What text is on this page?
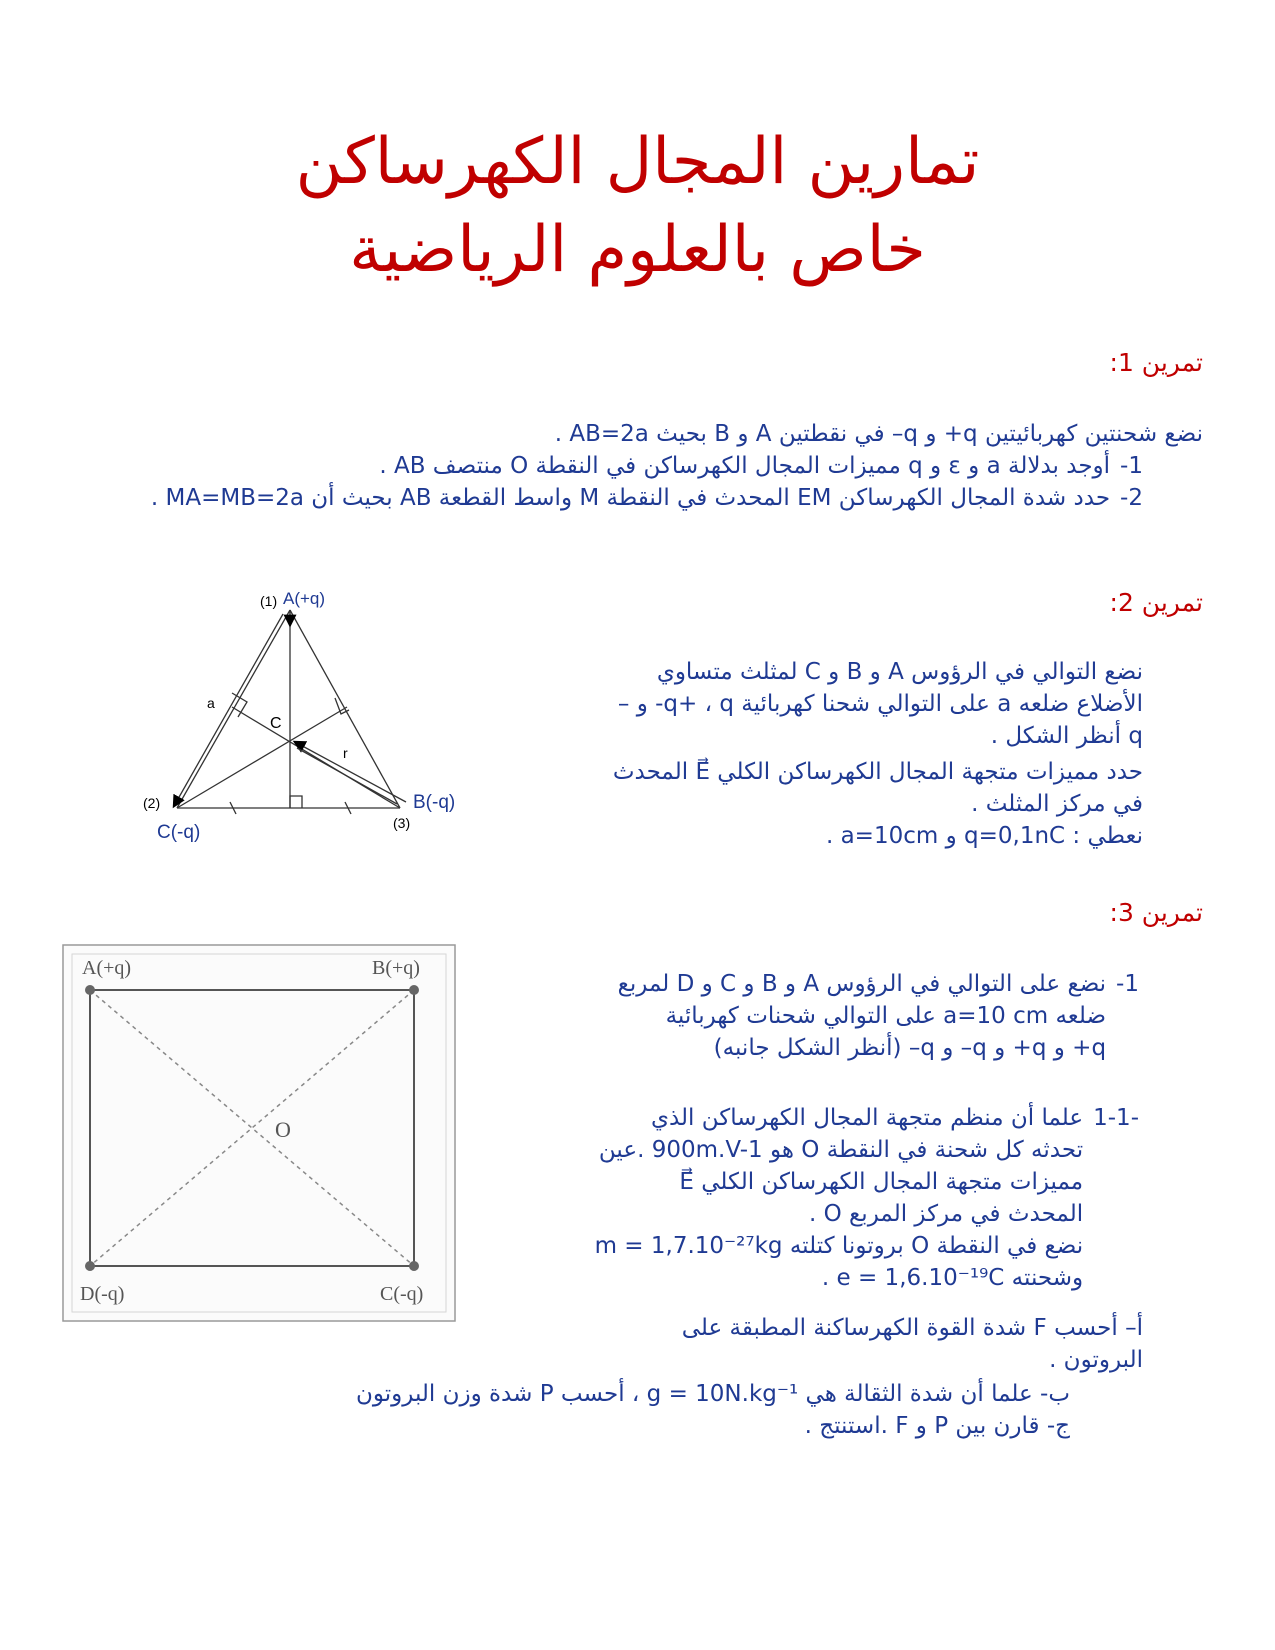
تمارين المجال الكهرساكن
خاص بالعلوم الرياضية
تمرين 1:
نضع شحنتين كهربائيتين q+ و q– في نقطتين A و B بحيث AB=2a .
1-
أوجد بدلالة a و ε و q مميزات المجال الكهرساكن في النقطة O منتصف AB .
2-
حدد شدة المجال الكهرساكن EM المحدث في النقطة M واسط القطعة AB بحيث أن MA=MB=2a .
تمرين 2:
نضع التوالي في الرؤوس A و B و C لمثلث متساوي
الأضلاع ضلعه a على التوالي شحنا كهربائية q+ ، q- و –
q أنظر الشكل .
حدد مميزات متجهة المجال الكهرساكن الكلي E⃗ المحدث
في مركز المثلث .
نعطي : q=0,1nC و a=10cm .
(1) A(+q)
(2)
C(-q)
B(-q)
(3)
a
C
r
تمرين 3:
A(+q)	B(+q)
C(-q)
D(-q)
O
1-
نضع على التوالي في الرؤوس A و B و C و D لمربع
ضلعه a=10 cm على التوالي شحنات كهربائية
q+ و q+ و q– و q– (أنظر الشكل جانبه)
-1-1
علما أن منظم متجهة المجال الكهرساكن الذي
تحدثه كل شحنة في النقطة O هو 900m.V-1 .عين
مميزات متجهة المجال الكهرساكن الكلي E⃗
المحدث في مركز المربع O .
نضع في النقطة O بروتونا كتلته m = 1,7.10⁻²⁷kg
وشحنته e = 1,6.10⁻¹⁹C .
أ– أحسب F شدة القوة الكهرساكنة المطبقة على
البروتون .
ب- علما أن شدة الثقالة هي g = 10N.kg⁻¹ ، أحسب P شدة وزن البروتون
ج- قارن بين P و F .استنتج .
